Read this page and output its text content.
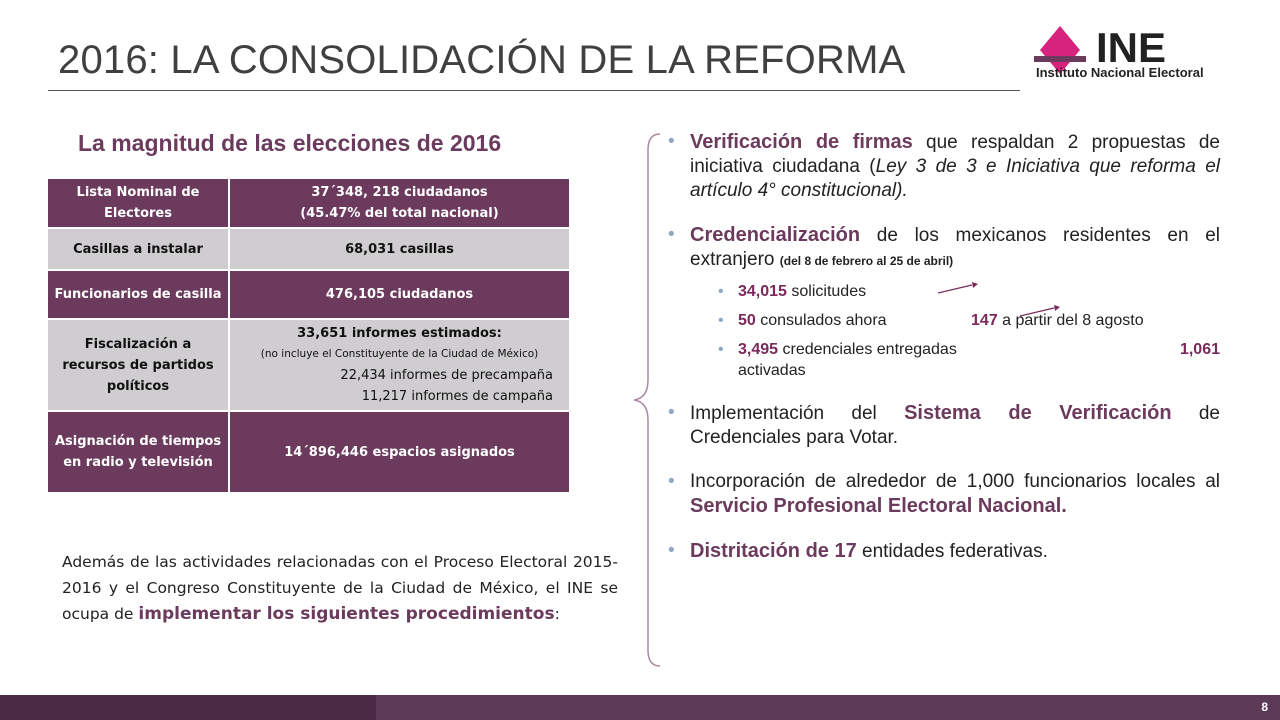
2016: LA CONSOLIDACIÓN DE LA REFORMA	INE
Instituto Nacional Electoral
La magnitud de las elecciones de 2016
Lista Nominal de Electores	37´348, 218 ciudadanos
(45.47% del total nacional)

Casillas a instalar	68,031 casillas
Funcionarios de casilla	476,105 ciudadanos
Fiscalización a recursos de partidos políticos	33,651 informes estimados:
(no incluye el Constituyente de la Ciudad de México)
22,434 informes de precampaña
11,217 informes de campaña

Asignación de tiempos en radio y televisión	14´896,446 espacios asignados
Además de las actividades relacionadas con el Proceso Electoral 2015-2016 y el Congreso Constituyente de la Ciudad de México, el INE se ocupa de implementar los siguientes procedimientos:
• Verificación de firmas que respaldan 2 propuestas de iniciativa ciudadana (Ley 3 de 3 e Iniciativa que reforma el artículo 4° constitucional).
• Credencialización de los mexicanos residentes en el extranjero (del 8 de febrero al 25 de abril)
• 34,015 solicitudes
• 50 consulados ahora	147 a partir del 8 agosto
• 3,495 credenciales entregadas	1,061

activadas
• Implementación del Sistema de Verificación de Credenciales para Votar.
• Incorporación de alrededor de 1,000 funcionarios locales al Servicio Profesional Electoral Nacional.
• Distritación de 17 entidades federativas.
8
